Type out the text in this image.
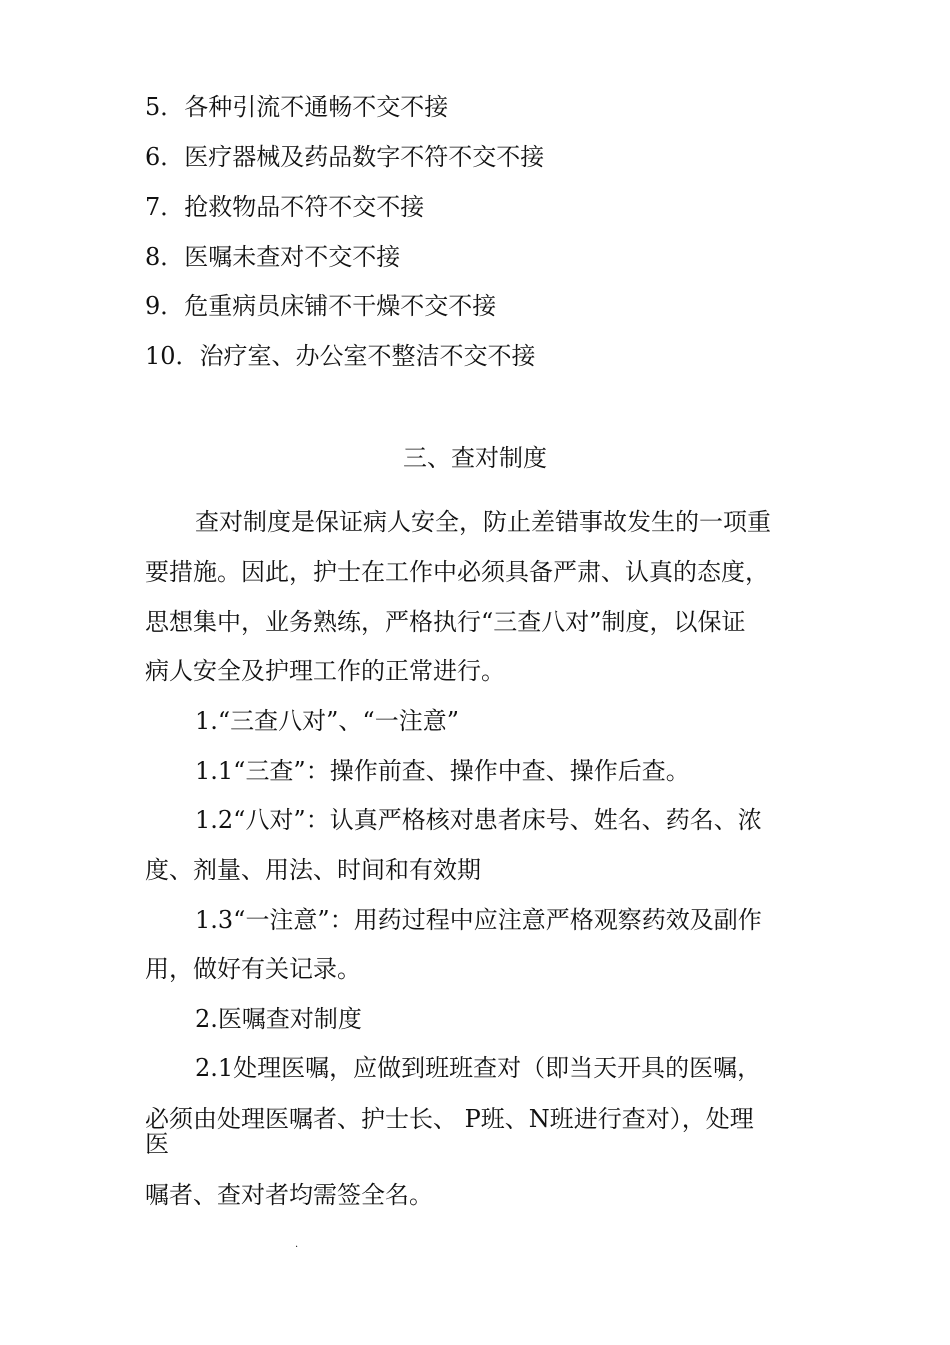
5．各种引流不通畅不交不接
6．医疗器械及药品数字不符不交不接
7．抢救物品不符不交不接
8．医嘱未查对不交不接
9．危重病员床铺不干燥不交不接
10．治疗室、办公室不整洁不交不接
三、查对制度
查对制度是保证病人安全，防止差错事故发生的一项重
要措施。因此，护士在工作中必须具备严肃、认真的态度，
思想集中，业务熟练，严格执行“三查八对”制度，以保证
病人安全及护理工作的正常进行。
1.“三查八对”、“一注意”
1.1“三查”：操作前查、操作中查、操作后查。
1.2“八对”：认真严格核对患者床号、姓名、药名、浓
度、剂量、用法、时间和有效期
1.3“一注意”：用药过程中应注意严格观察药效及副作
用，做好有关记录。
2.医嘱查对制度
2.1处理医嘱，应做到班班查对（即当天开具的医嘱，
必须由处理医嘱者、护士长、 P班、N班进行查对），处理
医
嘱者、查对者均需签全名。
.
